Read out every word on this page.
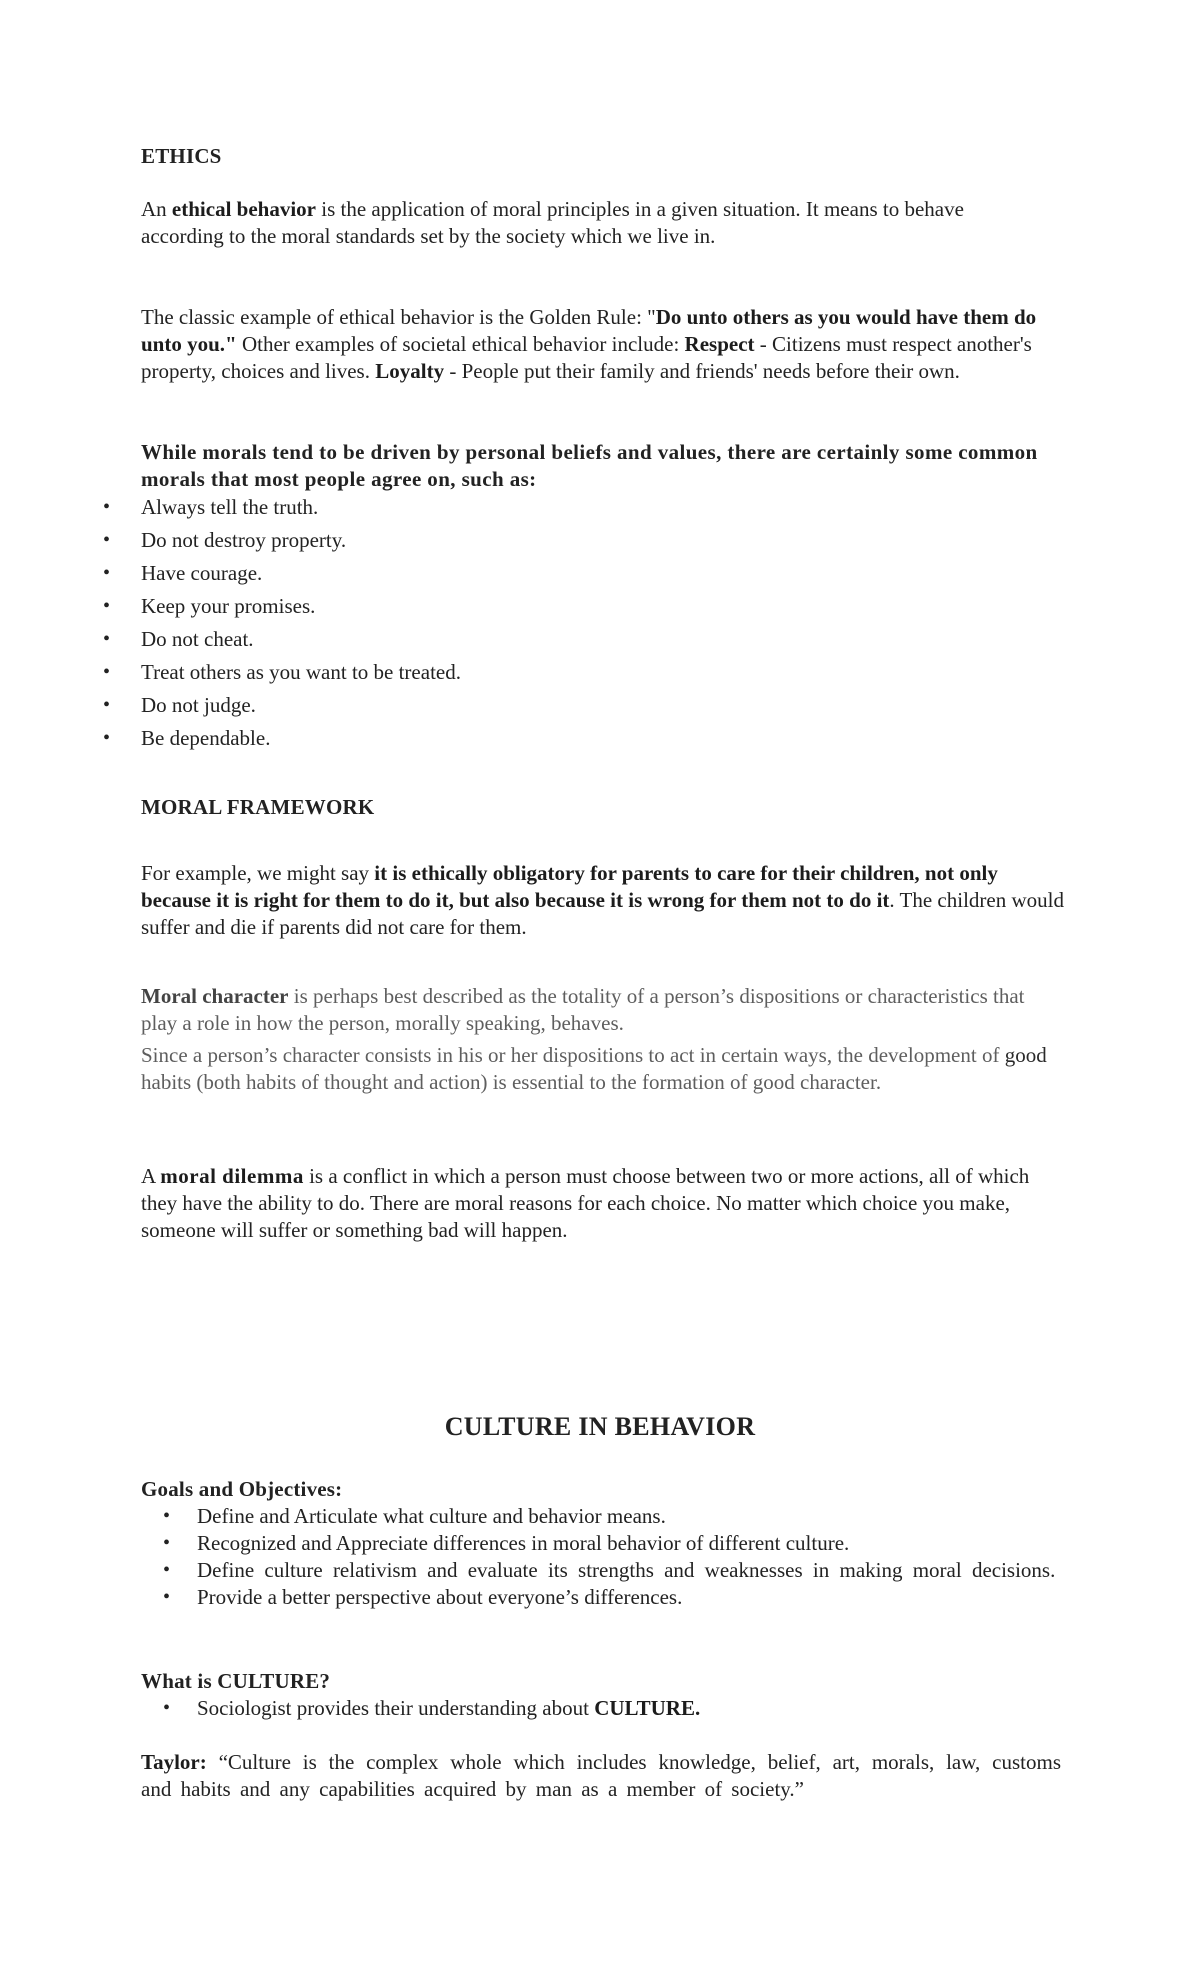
ETHICS
An ethical behavior is the application of moral principles in a given situation. It means to behave according to the moral standards set by the society which we live in.
The classic example of ethical behavior is the Golden Rule: "Do unto others as you would have them do unto you." Other examples of societal ethical behavior include: Respect - Citizens must respect another's property, choices and lives. Loyalty - People put their family and friends' needs before their own.
While morals tend to be driven by personal beliefs and values, there are certainly some common morals that most people agree on, such as:
• Always tell the truth.
• Do not destroy property.
• Have courage.
• Keep your promises.
• Do not cheat.
• Treat others as you want to be treated.
• Do not judge.
• Be dependable.
MORAL FRAMEWORK
For example, we might say it is ethically obligatory for parents to care for their children, not only because it is right for them to do it, but also because it is wrong for them not to do it. The children would suffer and die if parents did not care for them.
Moral character is perhaps best described as the totality of a person’s dispositions or characteristics that play a role in how the person, morally speaking, behaves.
Since a person’s character consists in his or her dispositions to act in certain ways, the development of good habits (both habits of thought and action) is essential to the formation of good character.
A moral dilemma is a conflict in which a person must choose between two or more actions, all of which they have the ability to do. There are moral reasons for each choice. No matter which choice you make, someone will suffer or something bad will happen.
CULTURE IN BEHAVIOR
Goals and Objectives:
• Define and Articulate what culture and behavior means.
• Recognized and Appreciate differences in moral behavior of different culture.
• Define culture relativism and evaluate its strengths and weaknesses in making moral decisions.
• Provide a better perspective about everyone’s differences.
What is CULTURE?
• Sociologist provides their understanding about CULTURE.
Taylor: “Culture is the complex whole which includes knowledge, belief, art, morals, law, customs and habits and any capabilities acquired by man as a member of society.”
